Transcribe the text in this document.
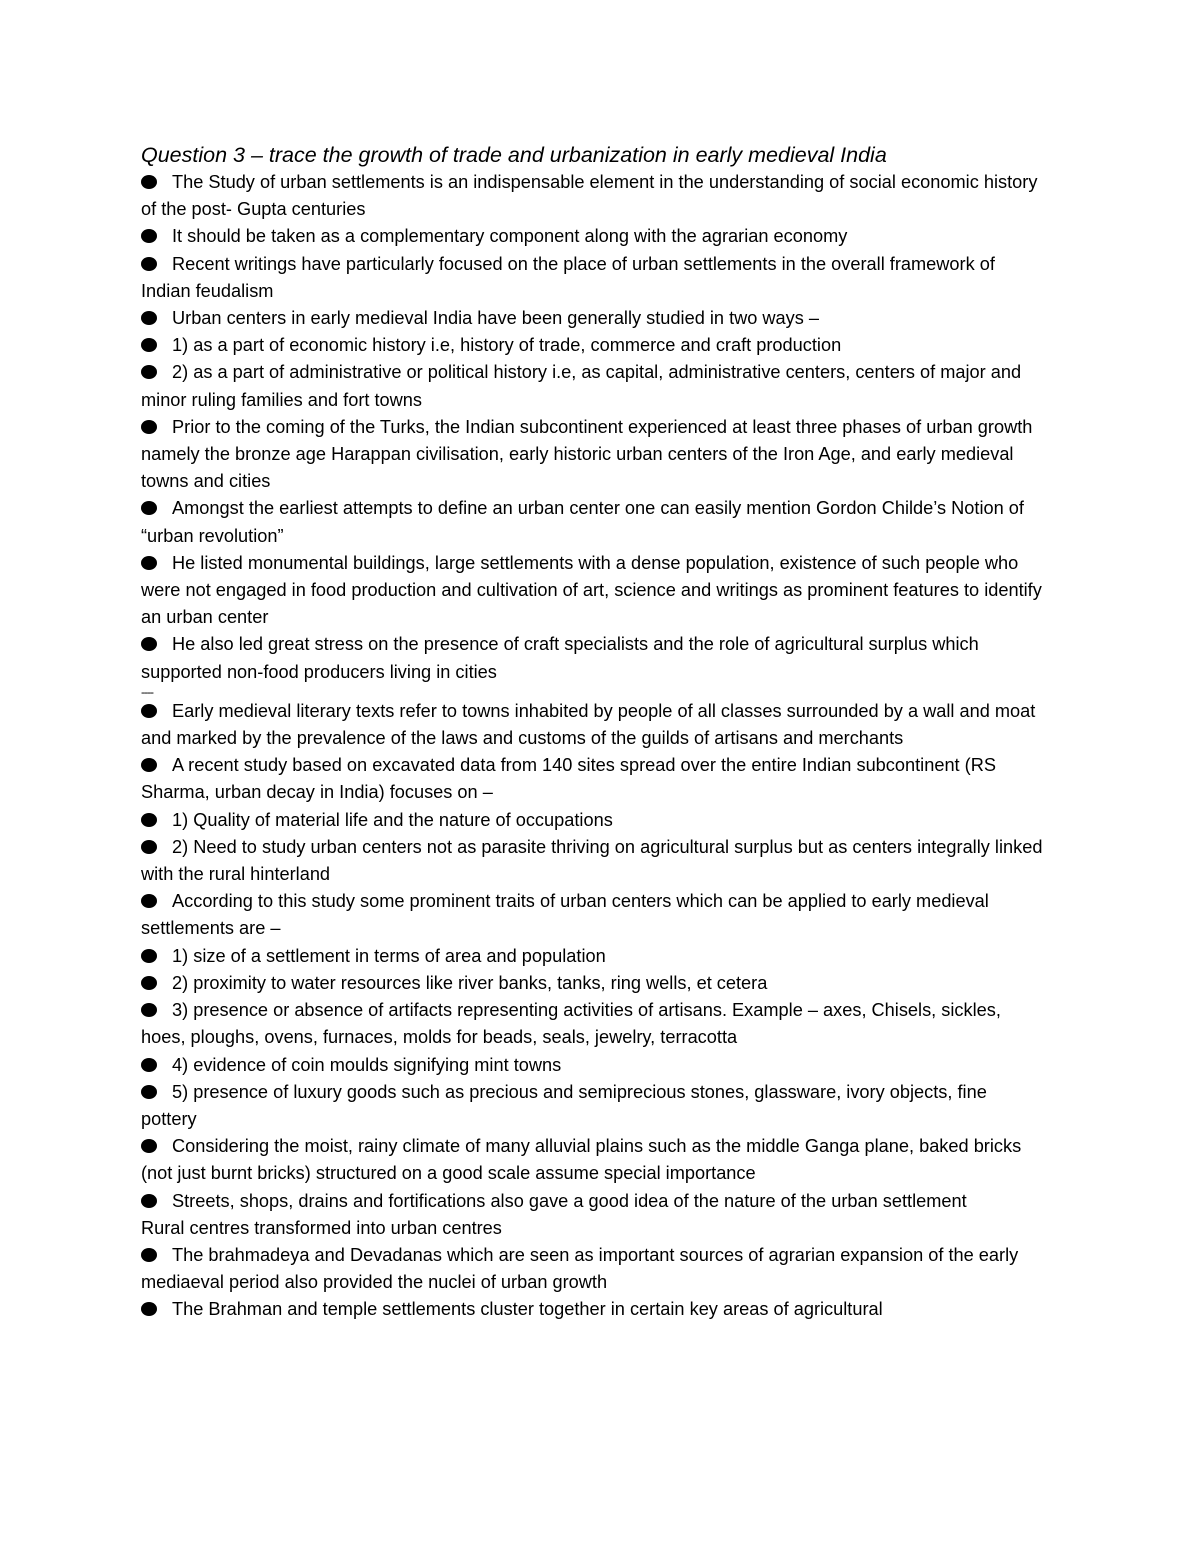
Question 3 – trace the growth of trade and urbanization in early medieval India

The Study of urban settlements is an indispensable element in the understanding of social economic history of the post- Gupta centuries

It should be taken as a complementary component along with the agrarian economy

Recent writings have particularly focused on the place of urban settlements in the overall framework of Indian feudalism

Urban centers in early medieval India have been generally studied in two ways –

1) as a part of economic history i.e, history of trade, commerce and craft production

2) as a part of administrative or political history i.e, as capital, administrative centers, centers of major and minor ruling families and fort towns

Prior to the coming of the Turks, the Indian subcontinent experienced at least three phases of urban growth namely the bronze age Harappan civilisation, early historic urban centers of the Iron Age, and early medieval towns and cities

Amongst the earliest attempts to define an urban center one can easily mention Gordon Childe’s Notion of “urban revolution”

He listed monumental buildings, large settlements with a dense population, existence of such people who were not engaged in food production and cultivation of art, science and writings as prominent features to identify an urban center

He also led great stress on the presence of craft specialists and the role of agricultural surplus which supported non-food producers living in cities

----

Early medieval literary texts refer to towns inhabited by people of all classes surrounded by a wall and moat and marked by the prevalence of the laws and customs of the guilds of artisans and merchants

A recent study based on excavated data from 140 sites spread over the entire Indian subcontinent (RS Sharma, urban decay in India) focuses on –

1) Quality of material life and the nature of occupations

2) Need to study urban centers not as parasite thriving on agricultural surplus but as centers integrally linked with the rural hinterland

According to this study some prominent traits of urban centers which can be applied to early medieval settlements are –

1) size of a settlement in terms of area and population

2) proximity to water resources like river banks, tanks, ring wells, et cetera

3) presence or absence of artifacts representing activities of artisans. Example – axes, Chisels, sickles, hoes, ploughs, ovens, furnaces, molds for beads, seals, jewelry, terracotta

4) evidence of coin moulds signifying mint towns

5) presence of luxury goods such as precious and semiprecious stones, glassware, ivory objects, fine pottery

Considering the moist, rainy climate of many alluvial plains such as the middle Ganga plane, baked bricks (not just burnt bricks) structured on a good scale assume special importance

Streets, shops, drains and fortifications also gave a good idea of the nature of the urban settlement

Rural centres transformed into urban centres

The brahmadeya and Devadanas which are seen as important sources of agrarian expansion of the early mediaeval period also provided the nuclei of urban growth

The Brahman and temple settlements cluster together in certain key areas of agricultural
